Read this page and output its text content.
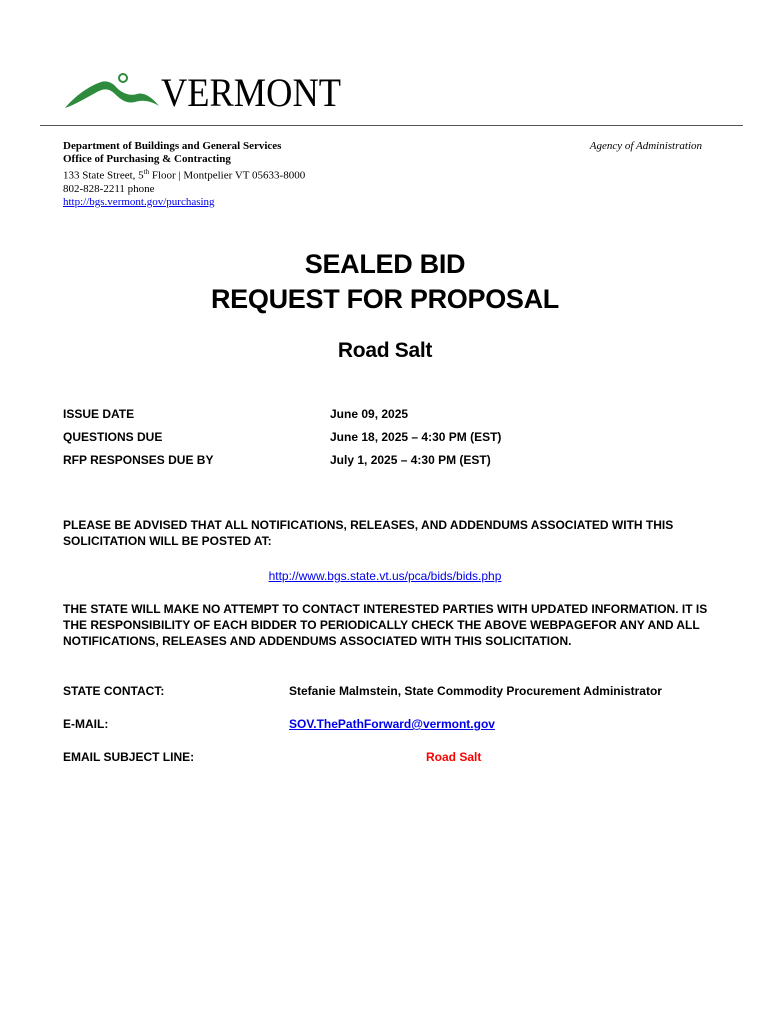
VERMONT
Department of Buildings and General Services
Office of Purchasing & Contracting
133 State Street, 5th Floor | Montpelier VT 05633-8000
802-828-2211 phone
http://bgs.vermont.gov/purchasing
Agency of Administration
SEALED BID
REQUEST FOR PROPOSAL
Road Salt
ISSUE DATE	June 09, 2025
QUESTIONS DUE	June 18, 2025 – 4:30 PM (EST)
RFP RESPONSES DUE BY	July 1, 2025 – 4:30 PM (EST)
PLEASE BE ADVISED THAT ALL NOTIFICATIONS, RELEASES, AND ADDENDUMS ASSOCIATED WITH THIS SOLICITATION WILL BE POSTED AT:
http://www.bgs.state.vt.us/pca/bids/bids.php
THE STATE WILL MAKE NO ATTEMPT TO CONTACT INTERESTED PARTIES WITH UPDATED INFORMATION. IT IS THE RESPONSIBILITY OF EACH BIDDER TO PERIODICALLY CHECK THE ABOVE WEBPAGEFOR ANY AND ALL NOTIFICATIONS, RELEASES AND ADDENDUMS ASSOCIATED WITH THIS SOLICITATION.
STATE CONTACT:	Stefanie Malmstein, State Commodity Procurement Administrator
E-MAIL:	SOV.ThePathForward@vermont.gov
EMAIL SUBJECT LINE:	Road Salt
